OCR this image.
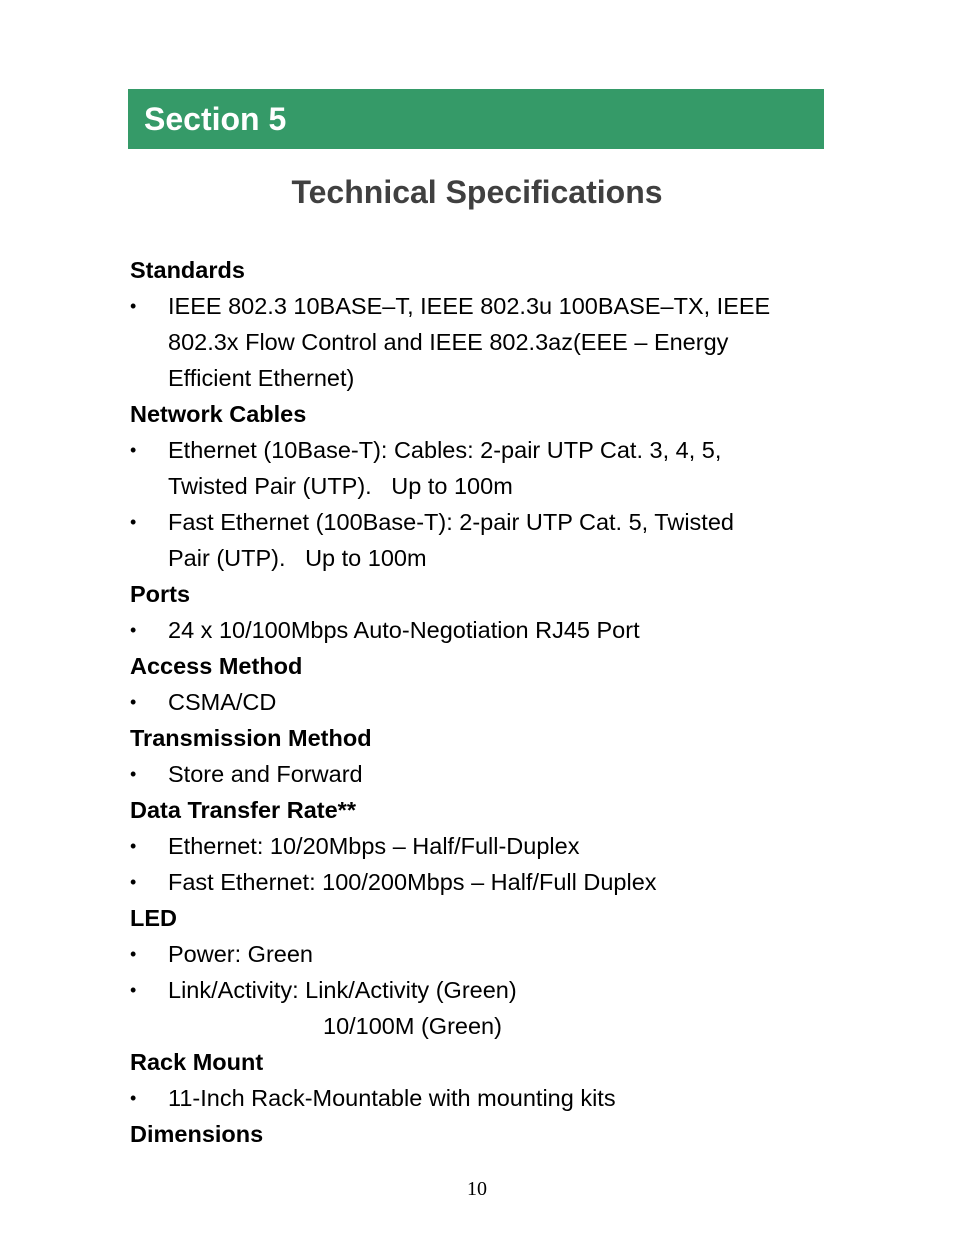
Section 5
Technical Specifications
Standards
• IEEE 802.3 10BASE–T, IEEE 802.3u 100BASE–TX, IEEE
802.3x Flow Control and IEEE 802.3az(EEE – Energy
Efficient Ethernet)
Network Cables
• Ethernet (10Base-T): Cables: 2-pair UTP Cat. 3, 4, 5,
Twisted Pair (UTP).   Up to 100m
• Fast Ethernet (100Base-T): 2-pair UTP Cat. 5, Twisted
Pair (UTP).   Up to 100m
Ports
• 24 x 10/100Mbps Auto-Negotiation RJ45 Port
Access Method
• CSMA/CD
Transmission Method
• Store and Forward
Data Transfer Rate**
• Ethernet: 10/20Mbps – Half/Full-Duplex
• Fast Ethernet: 100/200Mbps – Half/Full Duplex
LED
• Power: Green
• Link/Activity: Link/Activity (Green)
10/100M (Green)
Rack Mount
• 11-Inch Rack-Mountable with mounting kits
Dimensions
10
